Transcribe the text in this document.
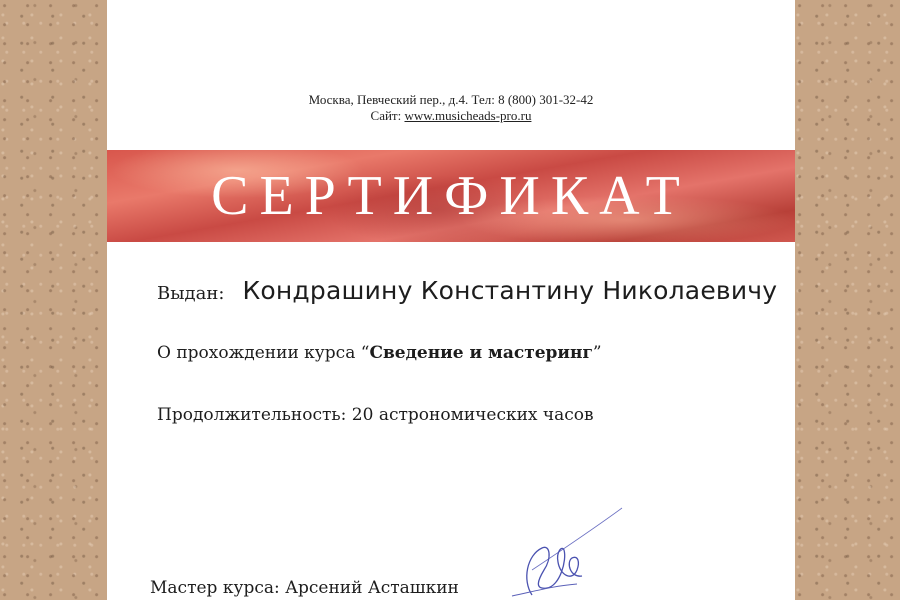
Москва, Певческий пер., д.4. Тел: 8 (800) 301-32-42
Сайт: www.musicheads-pro.ru
СЕРТИФИКАТ
Выдан: Кондрашину Константину Николаевичу
О прохождении курса “Сведение и мастеринг”
Продолжительность: 20 астрономических часов
Мастер курса: Арсений Асташкин
